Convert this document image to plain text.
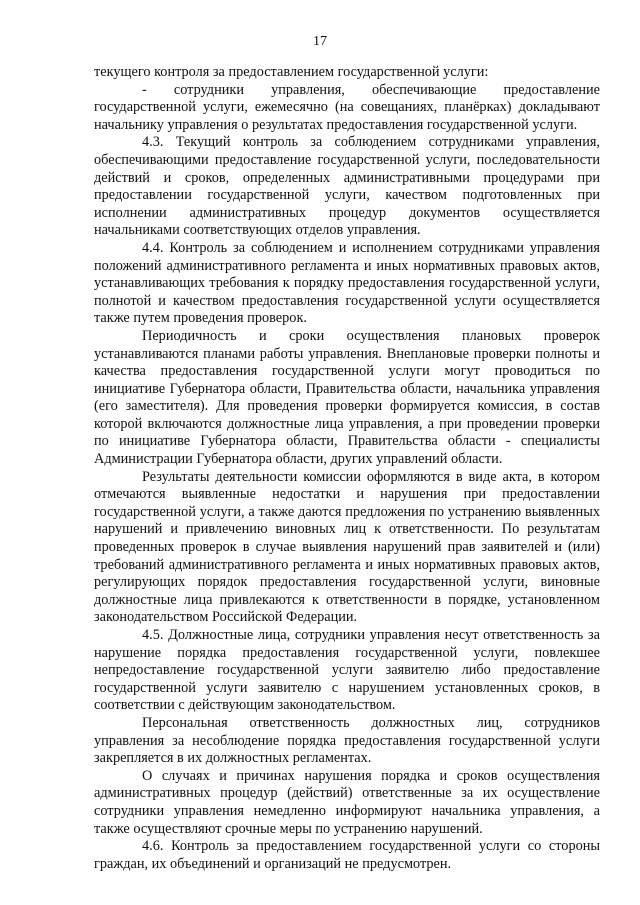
17

текущего контроля за предоставлением государственной услуги:

- сотрудники управления, обеспечивающие предоставление государственной услуги, ежемесячно (на совещаниях, планёрках) докладывают начальнику управления о результатах предоставления государственной услуги.

4.3. Текущий контроль за соблюдением сотрудниками управления, обеспечивающими предоставление государственной услуги, последовательности действий и сроков, определенных административными процедурами при предоставлении государственной услуги, качеством подготовленных при исполнении административных процедур документов осуществляется начальниками соответствующих отделов управления.

4.4. Контроль за соблюдением и исполнением сотрудниками управления положений административного регламента и иных нормативных правовых актов, устанавливающих требования к порядку предоставления государственной услуги, полнотой и качеством предоставления государственной услуги осуществляется также путем проведения проверок.

Периодичность и сроки осуществления плановых проверок устанавливаются планами работы управления. Внеплановые проверки полноты и качества предоставления государственной услуги могут проводиться по инициативе Губернатора области, Правительства области, начальника управления (его заместителя). Для проведения проверки формируется комиссия, в состав которой включаются должностные лица управления, а при проведении проверки по инициативе Губернатора области, Правительства области - специалисты Администрации Губернатора области, других управлений области.

Результаты деятельности комиссии оформляются в виде акта, в котором отмечаются выявленные недостатки и нарушения при предоставлении государственной услуги, а также даются предложения по устранению выявленных нарушений и привлечению виновных лиц к ответственности. По результатам проведенных проверок в случае выявления нарушений прав заявителей и (или) требований административного регламента и иных нормативных правовых актов, регулирующих порядок предоставления государственной услуги, виновные должностные лица привлекаются к ответственности в порядке, установленном законодательством Российской Федерации.

4.5. Должностные лица, сотрудники управления несут ответственность за нарушение порядка предоставления государственной услуги, повлекшее непредоставление государственной услуги заявителю либо предоставление государственной услуги заявителю с нарушением установленных сроков, в соответствии с действующим законодательством.

Персональная ответственность должностных лиц, сотрудников управления за несоблюдение порядка предоставления государственной услуги закрепляется в их должностных регламентах.

О случаях и причинах нарушения порядка и сроков осуществления административных процедур (действий) ответственные за их осуществление сотрудники управления немедленно информируют начальника управления, а также осуществляют срочные меры по устранению нарушений.

4.6. Контроль за предоставлением государственной услуги со стороны граждан, их объединений и организаций не предусмотрен.
